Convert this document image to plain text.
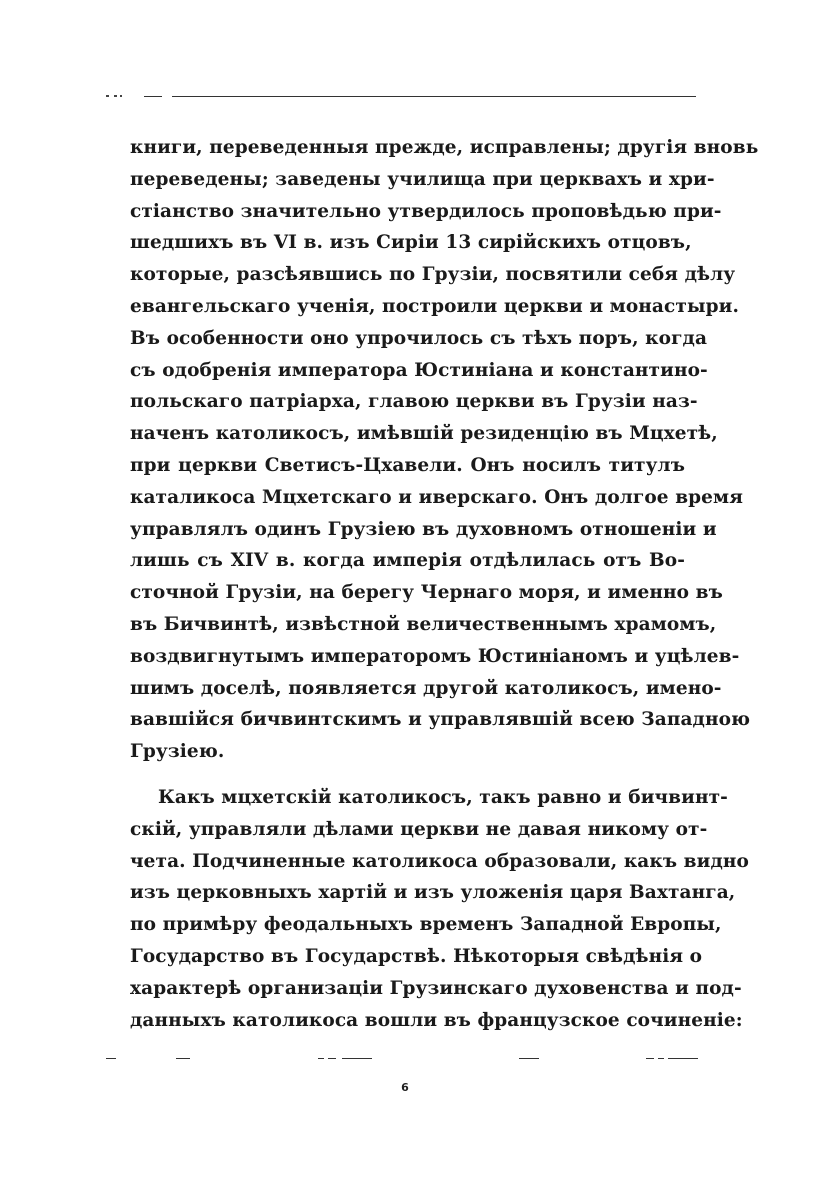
книги, переведенныя прежде, исправлены; другія вновь
переведены; заведены училища при церквахъ и хри-
стіанство значительно утвердилось проповѣдью при-
шедшихъ въ VI в. изъ Сиріи 13 сирійскихъ отцовъ,
которые, разсѣявшись по Грузіи, посвятили себя дѣлу
евангельскаго ученія, построили церкви и монастыри.
Въ особенности оно упрочилось съ тѣхъ поръ, когда
съ одобренія императора Юстиніана и константино-
польскаго патріарха, главою церкви въ Грузіи наз-
наченъ католикосъ, имѣвшій резиденцію въ Мцхетѣ,
при церкви Светисъ-Цхавели. Онъ носилъ титулъ
каталикоса Мцхетскаго и иверскаго. Онъ долгое время
управлялъ одинъ Грузіею въ духовномъ отношеніи и
лишь съ XIV в. когда имперія отдѣлилась отъ Во-
сточной Грузіи, на берегу Чернаго моря, и именно въ
въ Бичвинтѣ, извѣстной величественнымъ храмомъ,
воздвигнутымъ императоромъ Юстиніаномъ и уцѣлев-
шимъ доселѣ, появляется другой католикосъ, имено-
вавшійся бичвинтскимъ и управлявшій всею Западною
Грузіею.
Какъ мцхетскій католикосъ, такъ равно и бичвинт-
скій, управляли дѣлами церкви не давая никому от-
чета. Подчиненные католикоса образовали, какъ видно
изъ церковныхъ хартій и изъ уложенія царя Вахтанга,
по примѣру феодальныхъ временъ Западной Европы,
Государство въ Государствѣ. Нѣкоторыя свѣдѣнія о
характерѣ организаціи Грузинскаго духовенства и под-
данныхъ католикоса вошли въ французское сочиненіе:
6
